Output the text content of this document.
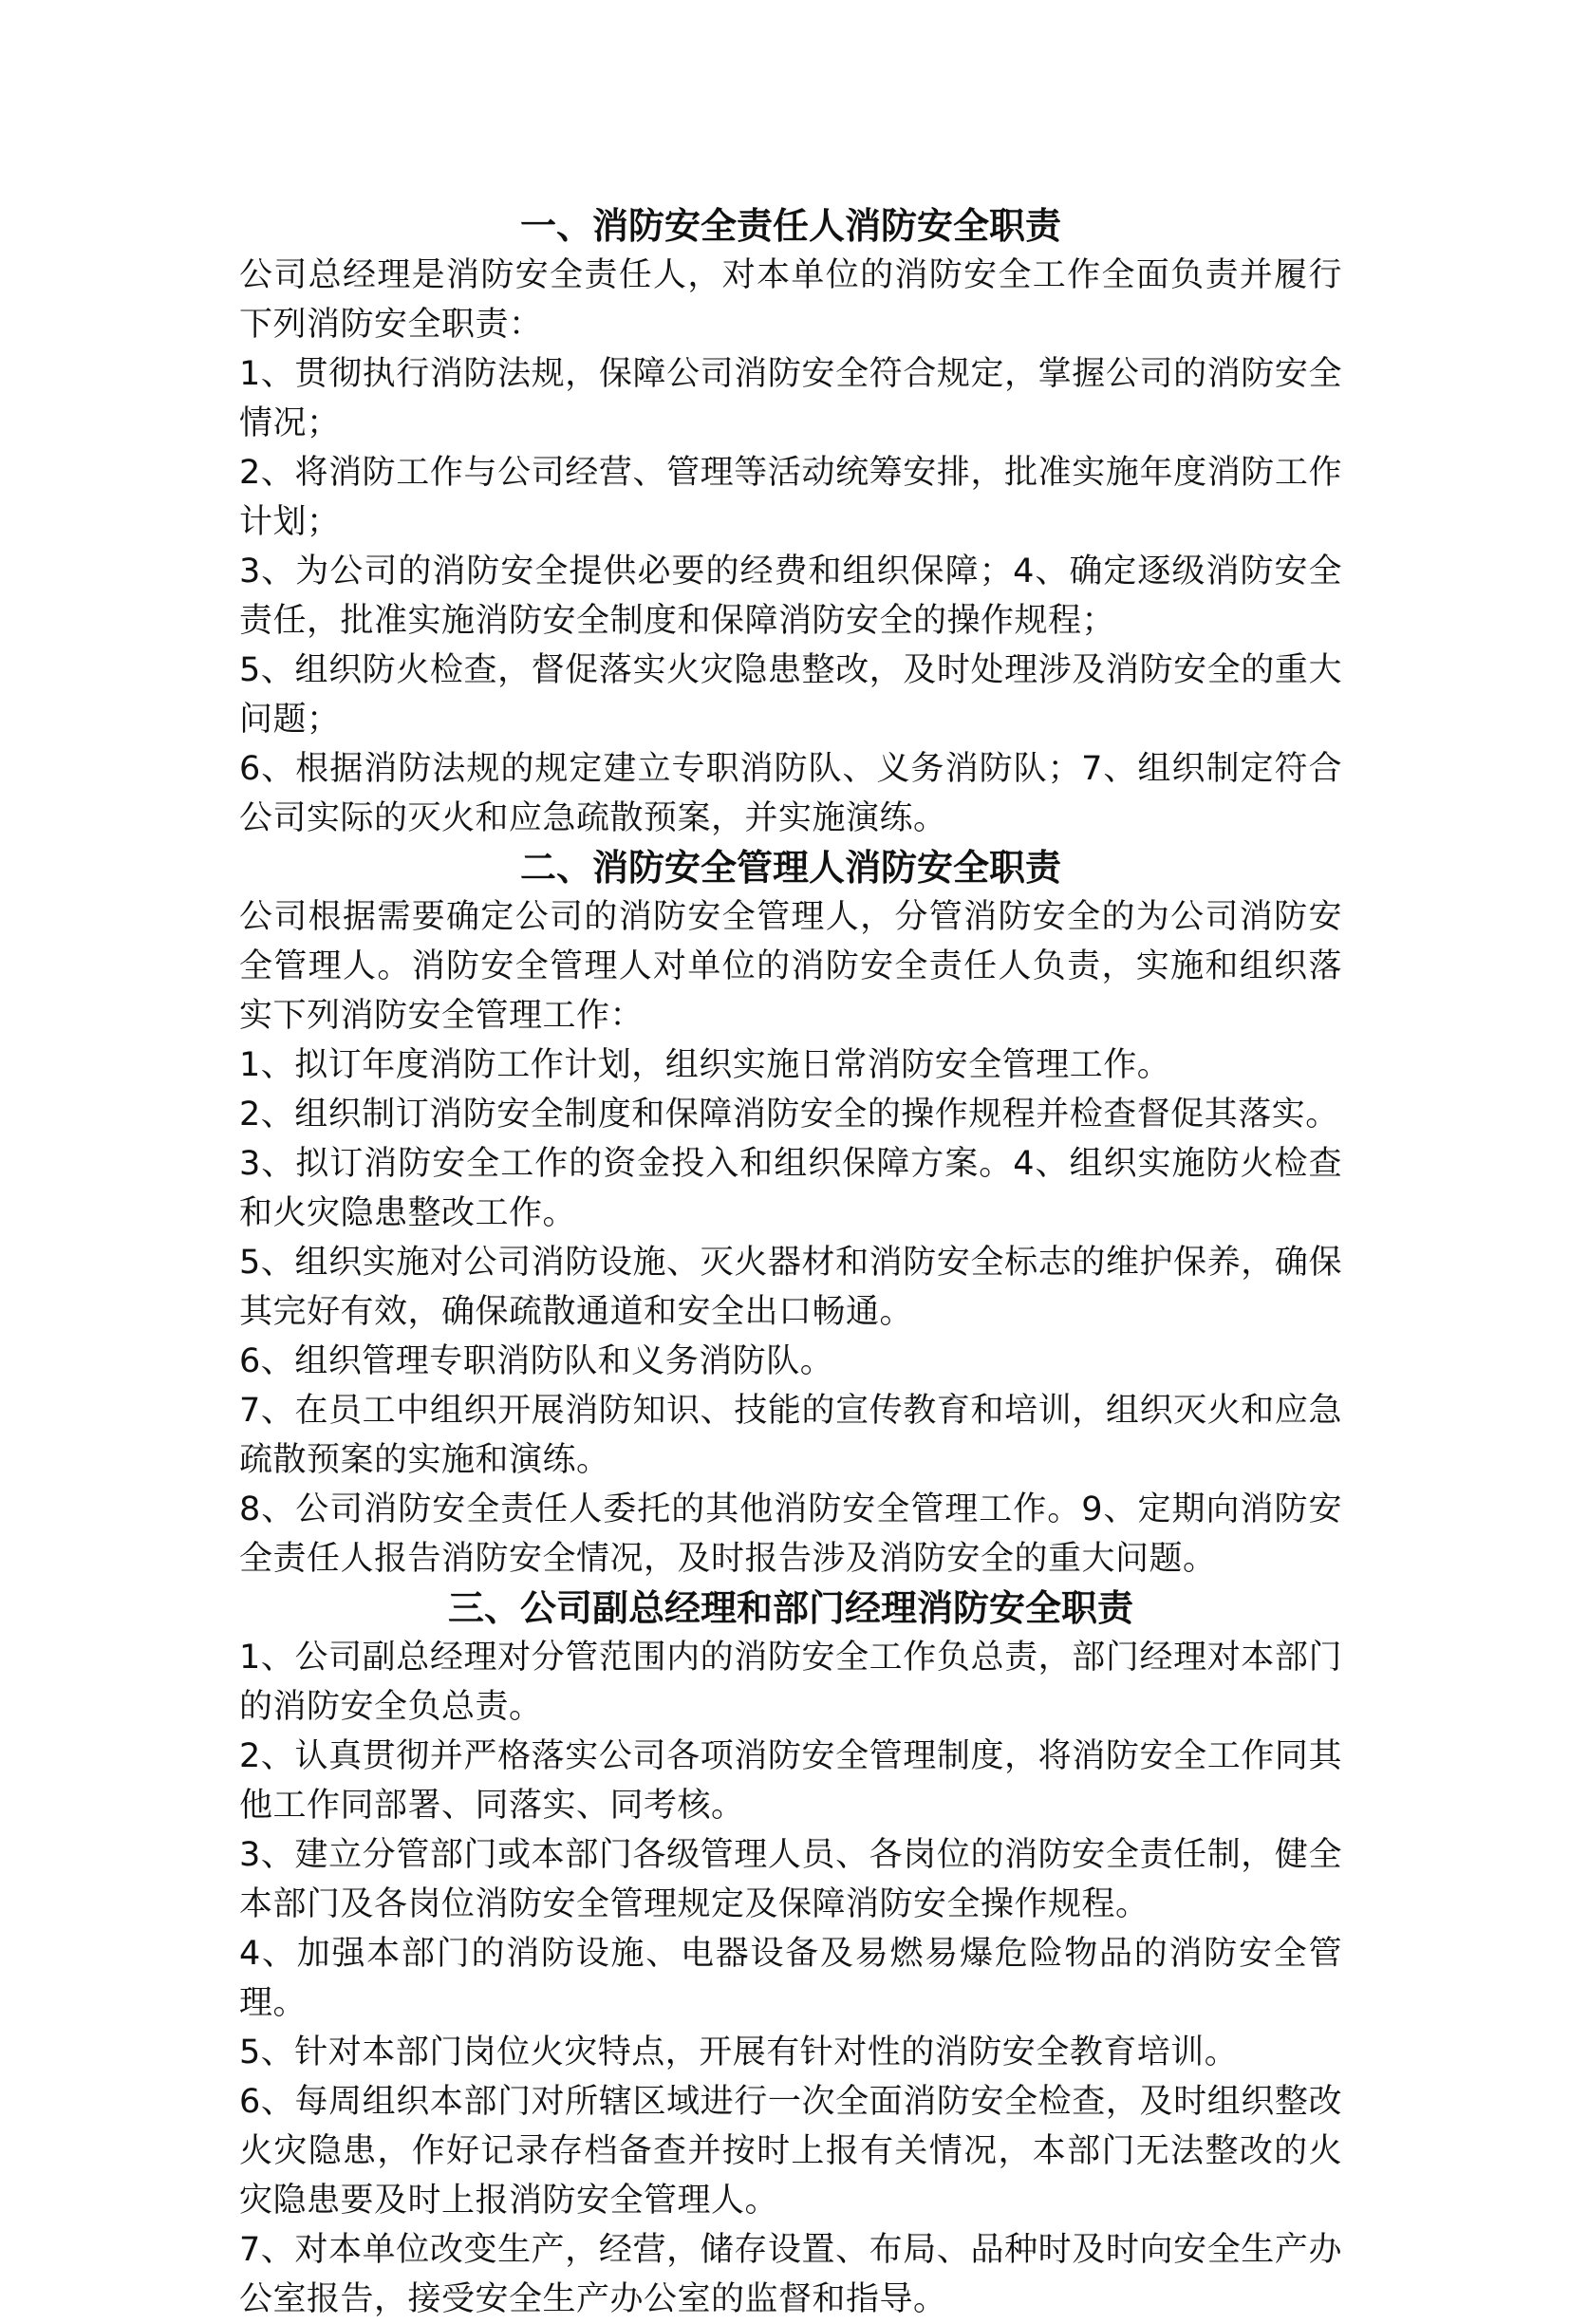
一、消防安全责任人消防安全职责

公司总经理是消防安全责任人，对本单位的消防安全工作全面负责并履行下列消防安全职责：

1、贯彻执行消防法规，保障公司消防安全符合规定，掌握公司的消防安全情况；

2、将消防工作与公司经营、管理等活动统筹安排，批准实施年度消防工作计划；

3、为公司的消防安全提供必要的经费和组织保障；4、确定逐级消防安全责任，批准实施消防安全制度和保障消防安全的操作规程；

5、组织防火检查，督促落实火灾隐患整改，及时处理涉及消防安全的重大问题；

6、根据消防法规的规定建立专职消防队、义务消防队；7、组织制定符合公司实际的灭火和应急疏散预案，并实施演练。

二、消防安全管理人消防安全职责

公司根据需要确定公司的消防安全管理人，分管消防安全的为公司消防安全管理人。消防安全管理人对单位的消防安全责任人负责，实施和组织落实下列消防安全管理工作：

1、拟订年度消防工作计划，组织实施日常消防安全管理工作。

2、组织制订消防安全制度和保障消防安全的操作规程并检查督促其落实。

3、拟订消防安全工作的资金投入和组织保障方案。4、组织实施防火检查和火灾隐患整改工作。

5、组织实施对公司消防设施、灭火器材和消防安全标志的维护保养，确保其完好有效，确保疏散通道和安全出口畅通。

6、组织管理专职消防队和义务消防队。

7、在员工中组织开展消防知识、技能的宣传教育和培训，组织灭火和应急疏散预案的实施和演练。

8、公司消防安全责任人委托的其他消防安全管理工作。9、定期向消防安全责任人报告消防安全情况，及时报告涉及消防安全的重大问题。

三、公司副总经理和部门经理消防安全职责

1、公司副总经理对分管范围内的消防安全工作负总责，部门经理对本部门的消防安全负总责。

2、认真贯彻并严格落实公司各项消防安全管理制度，将消防安全工作同其他工作同部署、同落实、同考核。

3、建立分管部门或本部门各级管理人员、各岗位的消防安全责任制，健全本部门及各岗位消防安全管理规定及保障消防安全操作规程。

4、加强本部门的消防设施、电器设备及易燃易爆危险物品的消防安全管理。

5、针对本部门岗位火灾特点，开展有针对性的消防安全教育培训。

6、每周组织本部门对所辖区域进行一次全面消防安全检查，及时组织整改火灾隐患，作好记录存档备查并按时上报有关情况，本部门无法整改的火灾隐患要及时上报消防安全管理人。

7、对本单位改变生产，经营，储存设置、布局、品种时及时向安全生产办公室报告，接受安全生产办公室的监督和指导。
